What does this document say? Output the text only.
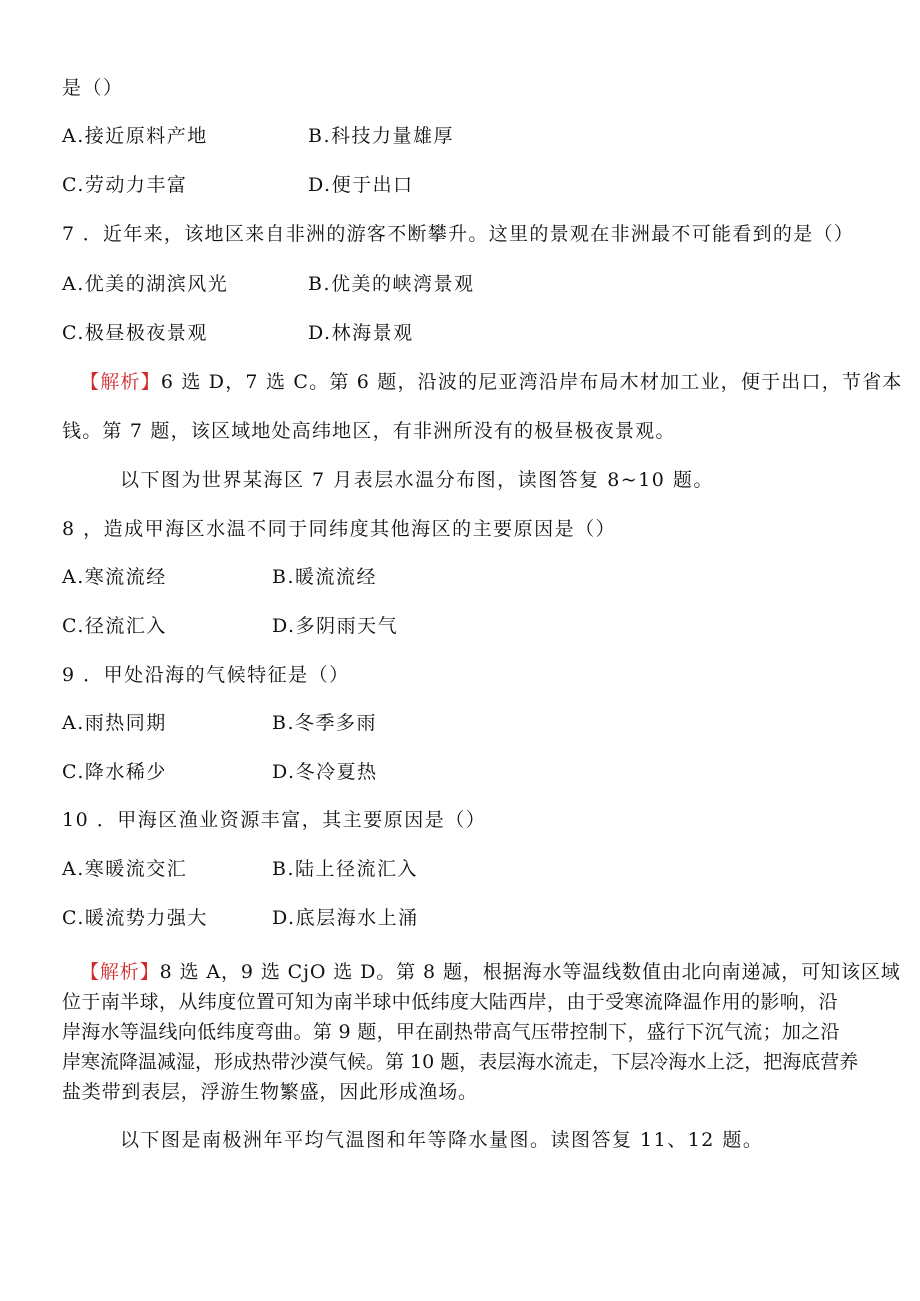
是（）
A.接近原料产地	B.科技力量雄厚
C.劳动力丰富	D.便于出口
7 ．近年来，该地区来自非洲的游客不断攀升。这里的景观在非洲最不可能看到的是（）
A.优美的湖滨风光	B.优美的峡湾景观
C.极昼极夜景观	D.林海景观
【解析】6 选 D，7 选 C。第 6 题，沿波的尼亚湾沿岸布局木材加工业，便于出口，节省本
钱。第 7 题，该区域地处高纬地区，有非洲所没有的极昼极夜景观。
以下图为世界某海区 7 月表层水温分布图，读图答复 8~10 题。
8 ，造成甲海区水温不同于同纬度其他海区的主要原因是（）
A.寒流流经	B.暖流流经
C.径流汇入	D.多阴雨天气
9 ．甲处沿海的气候特征是（）
A.雨热同期	B.冬季多雨
C.降水稀少	D.冬冷夏热
10 ．甲海区渔业资源丰富，其主要原因是（）
A.寒暖流交汇	B.陆上径流汇入
C.暖流势力强大	D.底层海水上涌
【解析】8 选 A，9 选 CjO 选 D。第 8 题，根据海水等温线数值由北向南递减，可知该区域
位于南半球，从纬度位置可知为南半球中低纬度大陆西岸，由于受寒流降温作用的影响，沿
岸海水等温线向低纬度弯曲。第 9 题，甲在副热带高气压带控制下，盛行下沉气流；加之沿
岸寒流降温减湿，形成热带沙漠气候。第 10 题，表层海水流走，下层冷海水上泛，把海底营养
盐类带到表层，浮游生物繁盛，因此形成渔场。
以下图是南极洲年平均气温图和年等降水量图。读图答复 11、12 题。
